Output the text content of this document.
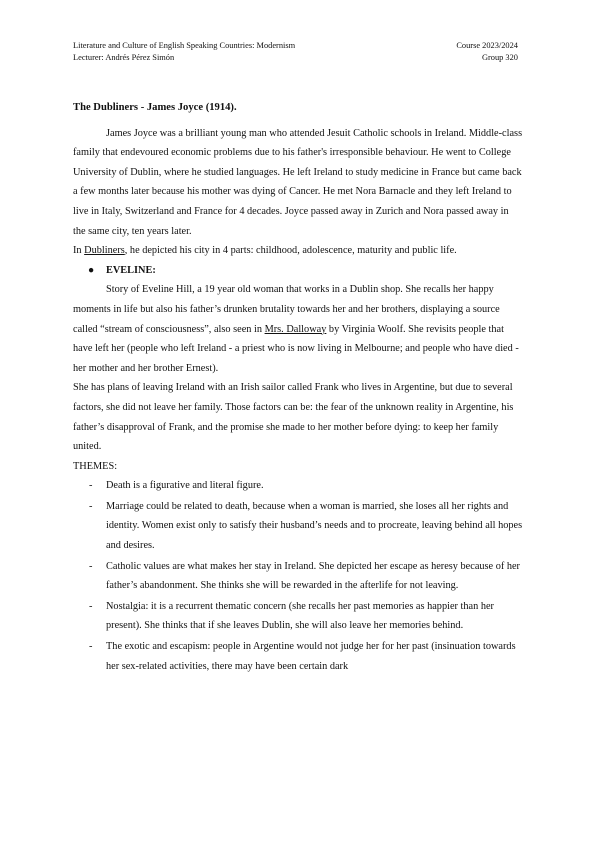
Literature and Culture of English Speaking Countries: Modernism	Course 2023/2024
Lecturer: Andrés Pérez Simón	Group 320

The Dubliners - James Joyce (1914).

James Joyce was a brilliant young man who attended Jesuit Catholic schools in Ireland. Middle-class family that endevoured economic problems due to his father's irresponsible behaviour. He went to College University of Dublin, where he studied languages. He left Ireland to study medicine in France but came back a few months later because his mother was dying of Cancer. He met Nora Barnacle and they left Ireland to live in Italy, Switzerland and France for 4 decades. Joyce passed away in Zurich and Nora passed away in the same city, ten years later.

In Dubliners, he depicted his city in 4 parts: childhood, adolescence, maturity and public life.

● EVELINE:

Story of Eveline Hill, a 19 year old woman that works in a Dublin shop. She recalls her happy moments in life but also his father’s drunken brutality towards her and her brothers, displaying a source called “stream of consciousness”, also seen in Mrs. Dalloway by Virginia Woolf. She revisits people that have left her (people who left Ireland - a priest who is now living in Melbourne; and people who have died - her mother and her brother Ernest).

She has plans of leaving Ireland with an Irish sailor called Frank who lives in Argentine, but due to several factors, she did not leave her family. Those factors can be: the fear of the unknown reality in Argentine, his father’s disapproval of Frank, and the promise she made to her mother before dying: to keep her family united.

THEMES:

- Death is a figurative and literal figure.
- Marriage could be related to death, because when a woman is married, she loses all her rights and identity. Women exist only to satisfy their husband’s needs and to procreate, leaving behind all hopes and desires.
- Catholic values are what makes her stay in Ireland. She depicted her escape as heresy because of her father’s abandonment. She thinks she will be rewarded in the afterlife for not leaving.
- Nostalgia: it is a recurrent thematic concern (she recalls her past memories as happier than her present). She thinks that if she leaves Dublin, she will also leave her memories behind.
- The exotic and escapism: people in Argentine would not judge her for her past (insinuation towards her sex-related activities, there may have been certain dark
